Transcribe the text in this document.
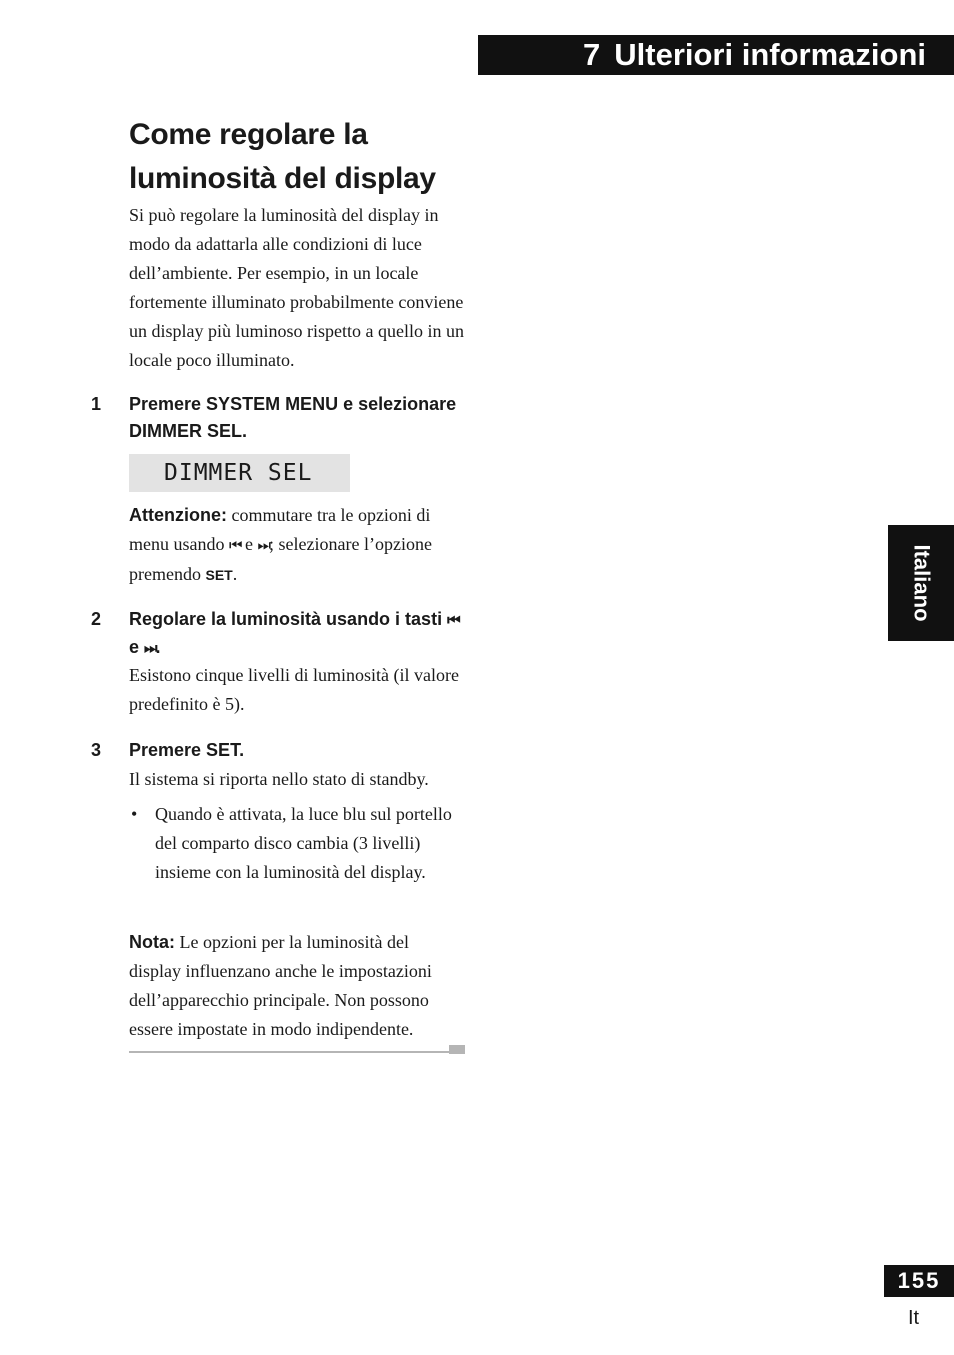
7 Ulteriori informazioni
Come regolare la
luminosità del display

Si può regolare la luminosità del display in modo da adattarla alle condizioni di luce dell’ambiente. Per esempio, in un locale fortemente illuminato probabilmente conviene un display più luminoso rispetto a quello in un locale poco illuminato.

1 Premere SYSTEM MENU e selezionare DIMMER SEL.

DIMMER SEL

Attenzione: commutare tra le opzioni di menu usando ⏮ e ⏭; selezionare l’opzione premendo SET.

2 Regolare la luminosità usando i tasti ⏮ e ⏭.

Esistono cinque livelli di luminosità (il valore predefinito è 5).

3 Premere SET.

Il sistema si riporta nello stato di standby.

• Quando è attivata, la luce blu sul portello del comparto disco cambia (3 livelli) insieme con la luminosità del display.

Nota: Le opzioni per la luminosità del display influenzano anche le impostazioni dell’apparecchio principale. Non possono essere impostate in modo indipendente.

Italiano
155
It
